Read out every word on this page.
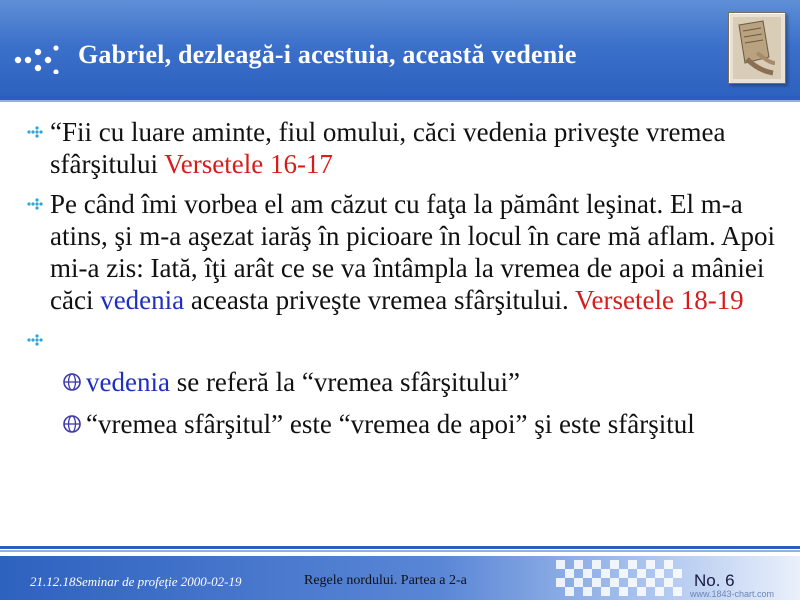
Gabriel, dezleagă-i acestuia, această vedenie
“Fii cu luare aminte, fiul omului, căci vedenia priveşte vremea sfârşitului Versetele 16-17
Pe când îmi vorbea el am căzut cu faţa la pământ leşinat. El m-a atins, şi m-a aşezat iarăş în picioare în locul în care mă aflam. Apoi mi-a zis: Iată, îţi arât ce se va întâmpla la vremea de apoi a mâniei căci vedenia aceasta priveşte vremea sfârşitului. Versetele 18-19
vedenia se referă la “vremea sfârşitului”
“vremea sfârşitul” este “vremea de apoi” şi este sfârşitul
21.12.18Seminar de profeţie 2000-02-19	Regele nordului. Partea a 2-a	No. 6
www.1843-chart.com
